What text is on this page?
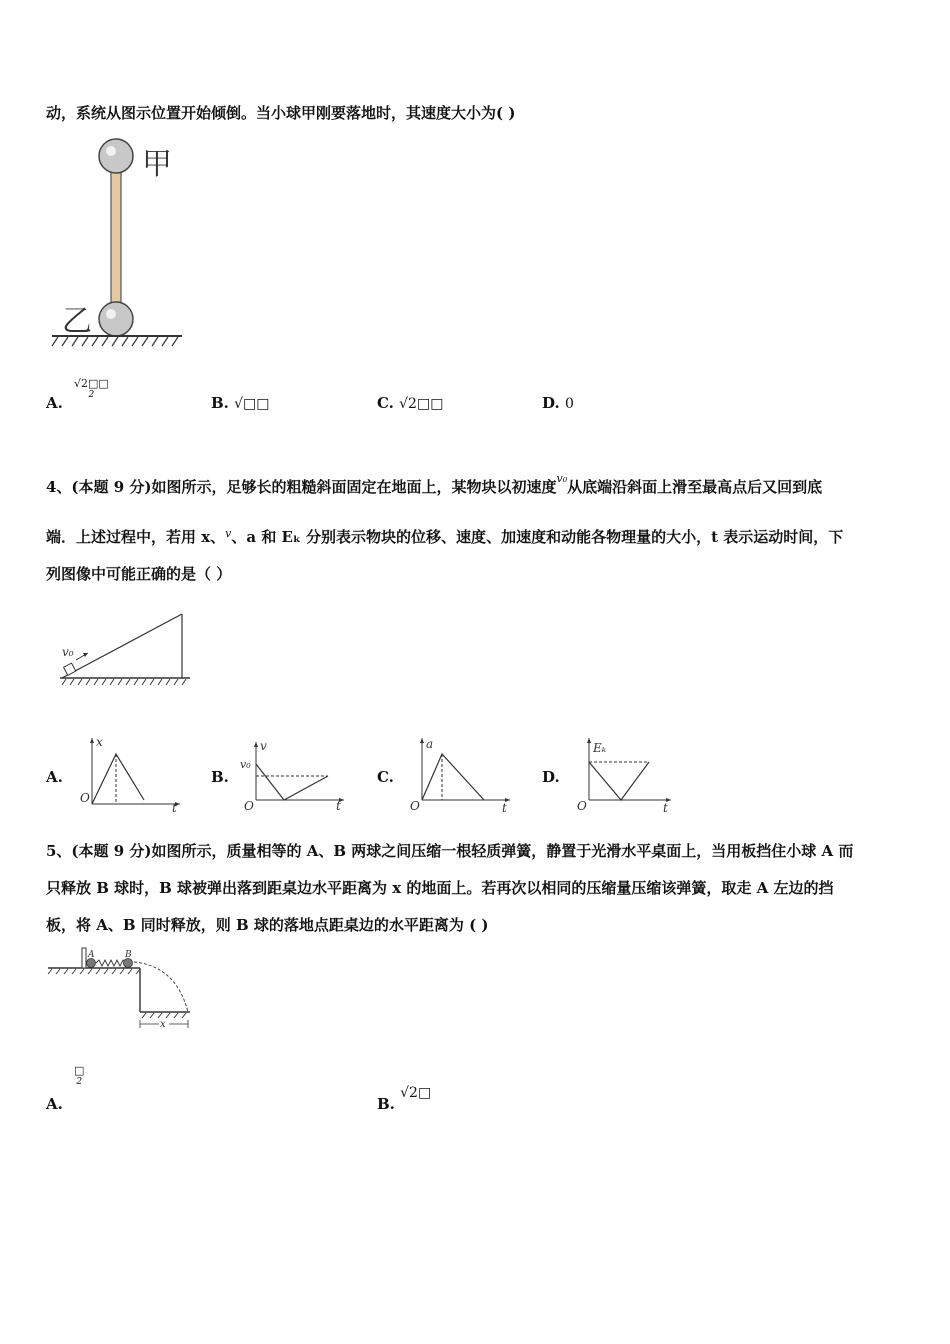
动，系统从图示位置开始倾倒。当小球甲刚要落地时，其速度大小为( )
甲
乙
A.
√2□□
2	B. √□□	C. √2□□	D. 0
4、(本题 9 分)如图所示，足够长的粗糙斜面固定在地面上，某物块以初速度$^{v_0}$从底端沿斜面上滑至最高点后又回到底
端．上述过程中，若用 x、$^v$、a 和 Eₖ 分别表示物块的位移、速度、加速度和动能各物理量的大小，t 表示运动时间，下
列图像中可能正确的是（ ）
v₀
A.
x
O
t
B.
v
v₀
O	t
C.
a
O	t
D.
Eₖ
O	t
5、(本题 9 分)如图所示，质量相等的 A、B 两球之间压缩一根轻质弹簧，静置于光滑水平桌面上，当用板挡住小球 A 而
只释放 B 球时，B 球被弹出落到距桌边水平距离为 x 的地面上。若再次以相同的压缩量压缩该弹簧，取走 A 左边的挡
板，将 A、B 同时释放，则 B 球的落地点距桌边的水平距离为 ( )
x
A	B
A.
□
2
B. √2□
